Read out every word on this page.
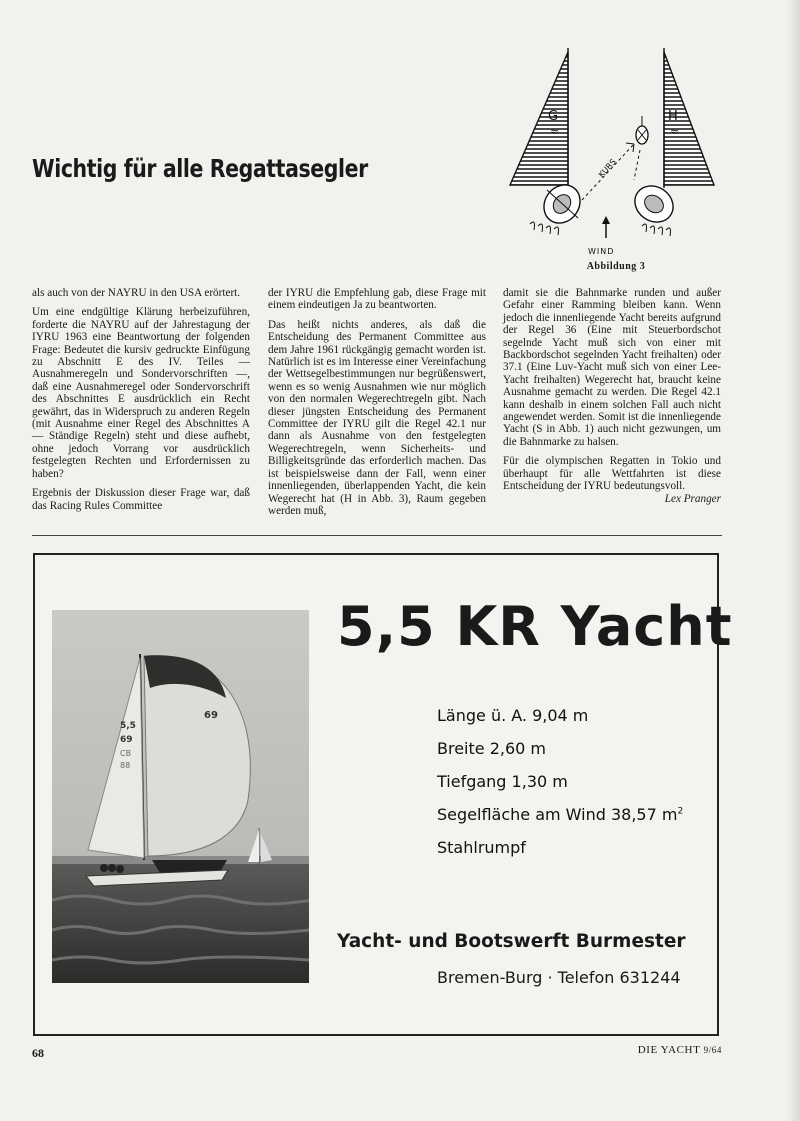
Wichtig für alle Regattasegler
G
≈
H
≈
KURS
WIND
Abbildung 3

als auch von der NAYRU in den USA erörtert.

Um eine endgültige Klärung herbeizuführen, forderte die NAYRU auf der Jahrestagung der IYRU 1963 eine Beantwortung der folgenden Frage: Bedeutet die kursiv gedruckte Einfügung zu Abschnitt E des IV. Teiles — Ausnahmeregeln und Sondervorschriften —, daß eine Ausnahmeregel oder Sondervorschrift des Abschnittes E ausdrücklich ein Recht gewährt, das in Widerspruch zu anderen Regeln (mit Ausnahme einer Regel des Abschnittes A — Ständige Regeln) steht und diese aufhebt, ohne jedoch Vorrang vor ausdrücklich festgelegten Rechten und Erfordernissen zu haben?

Ergebnis der Diskussion dieser Frage war, daß das Racing Rules Committee

der IYRU die Empfehlung gab, diese Frage mit einem eindeutigen Ja zu beantworten.

Das heißt nichts anderes, als daß die Entscheidung des Permanent Committee aus dem Jahre 1961 rückgängig gemacht worden ist. Natürlich ist es im Interesse einer Vereinfachung der Wettsegelbestimmungen nur begrüßenswert, wenn es so wenig Ausnahmen wie nur möglich von den normalen Wegerechtregeln gibt. Nach dieser jüngsten Entscheidung des Permanent Committee der IYRU gilt die Regel 42.1 nur dann als Ausnahme von den festgelegten Wegerechtregeln, wenn Sicherheits- und Billigkeitsgründe das erforderlich machen. Das ist beispielsweise dann der Fall, wenn einer innenliegenden, überlappenden Yacht, die kein Wegerecht hat (H in Abb. 3), Raum gegeben werden muß,

damit sie die Bahnmarke runden und außer Gefahr einer Ramming bleiben kann. Wenn jedoch die innenliegende Yacht bereits aufgrund der Regel 36 (Eine mit Steuerbordschot segelnde Yacht muß sich von einer mit Backbordschot segelnden Yacht freihalten) oder 37.1 (Eine Luv-Yacht muß sich von einer Lee-Yacht freihalten) Wegerecht hat, braucht keine Ausnahme gemacht zu werden. Die Regel 42.1 kann deshalb in einem solchen Fall auch nicht angewendet werden. Somit ist die innenliegende Yacht (S in Abb. 1) auch nicht gezwungen, um die Bahnmarke zu halsen.

Für die olympischen Regatten in Tokio und überhaupt für alle Wettfahrten ist diese Entscheidung der IYRU bedeutungsvoll.
Lex Pranger

69
5,5
69
CB
88
5,5 KR Yacht
Länge ü. A. 9,04 m
Breite 2,60 m
Tiefgang 1,30 m
Segelfläche am Wind 38,57 $m^2$
Stahlrumpf
Yacht- und Bootswerft Burmester
Bremen-Burg · Telefon 631244
68	DIE YACHT 9/64
